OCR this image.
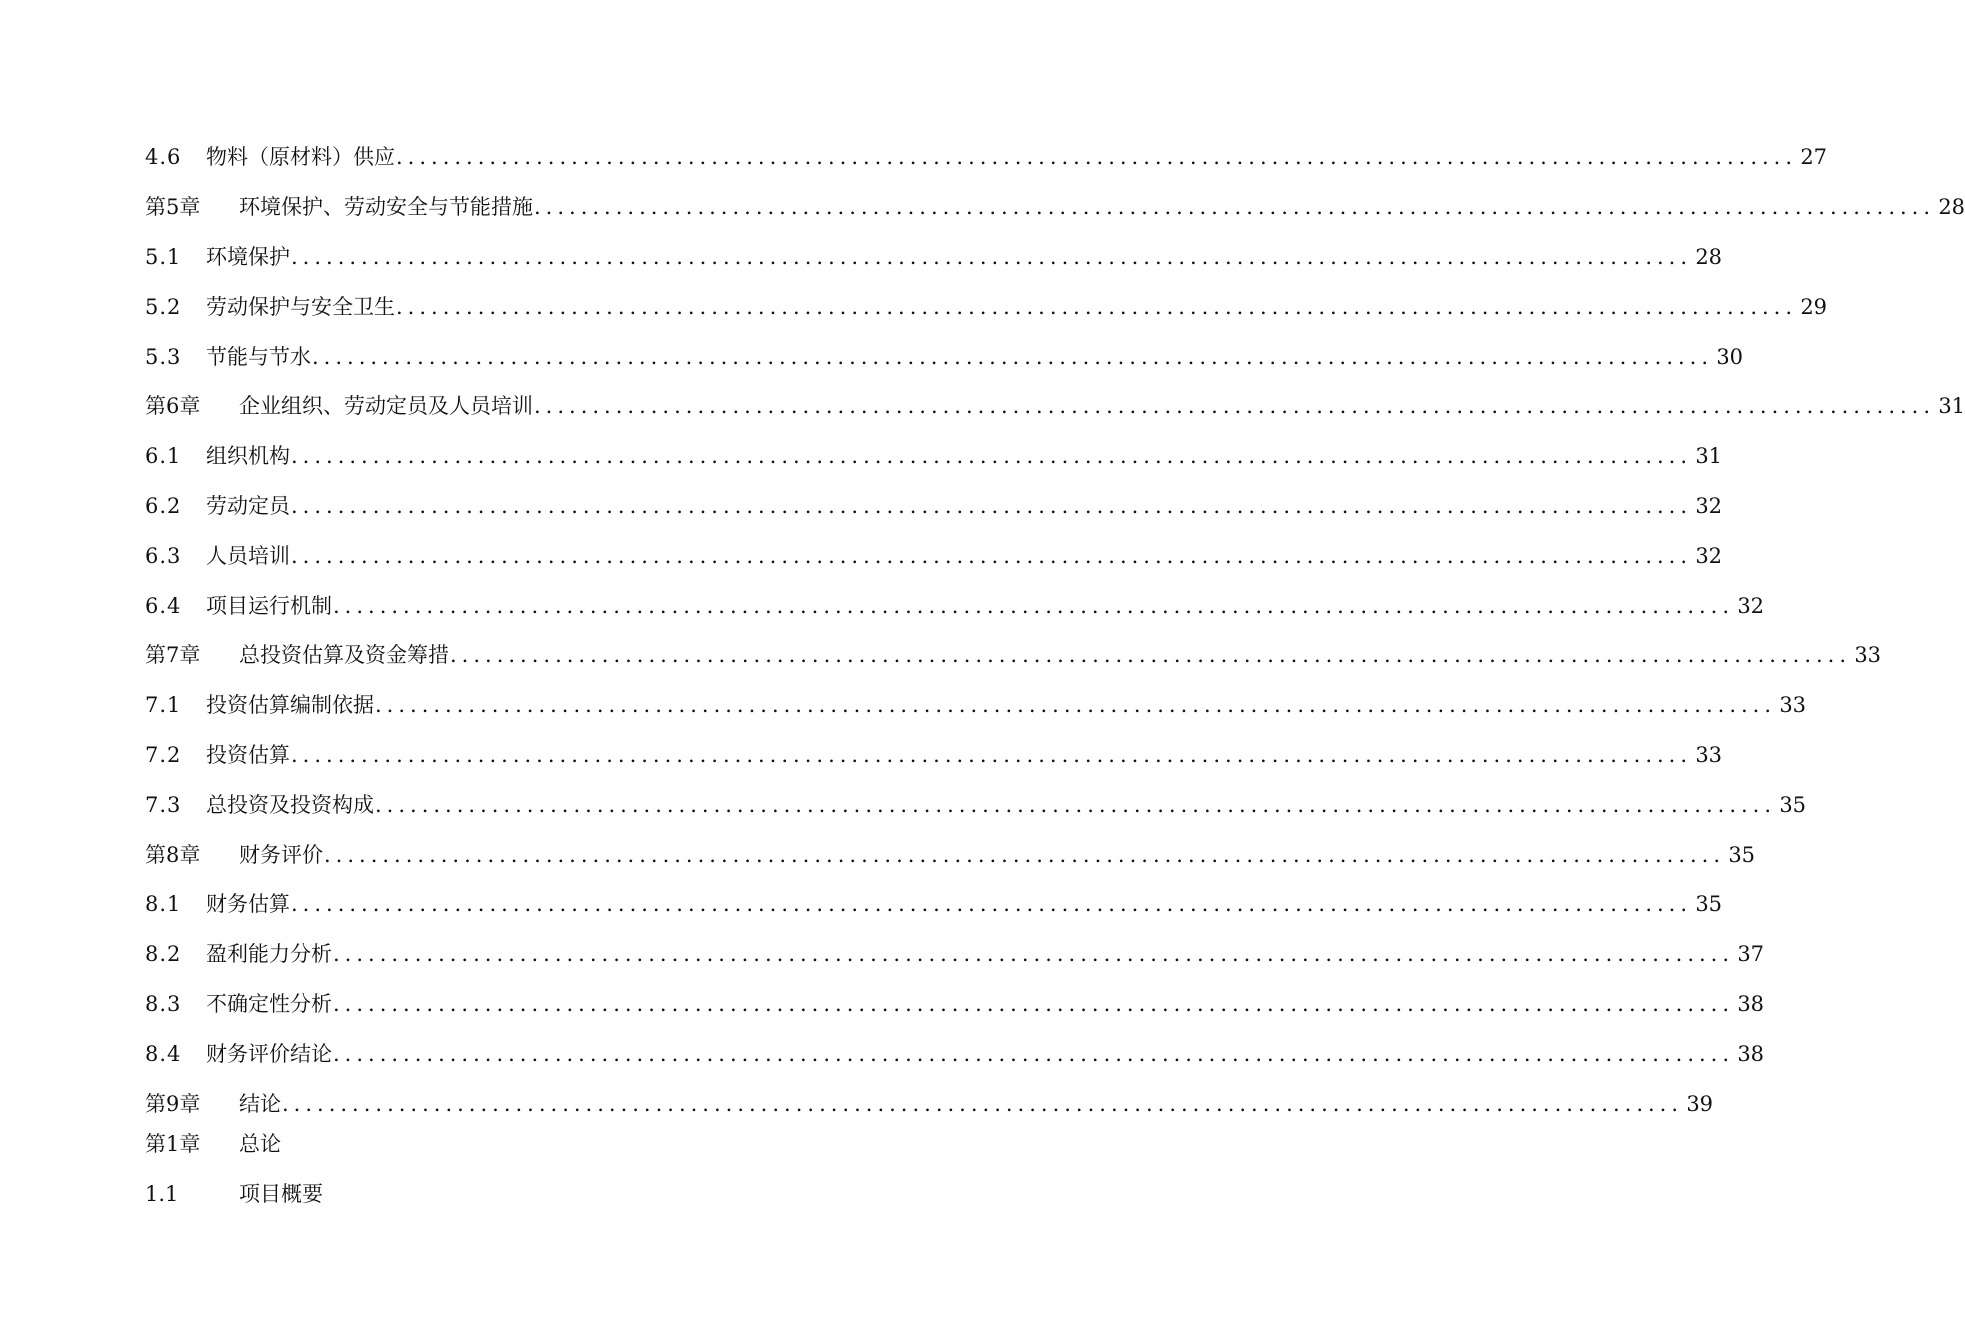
4.6	物料（原材料）供应 ........................................................................................................................ 27
第5章	环境保护、劳动安全与节能措施 ........................................................................................................................ 28
5.1	环境保护 ........................................................................................................................ 28
5.2	劳动保护与安全卫生 ........................................................................................................................ 29
5.3	节能与节水 ........................................................................................................................ 30
第6章	企业组织、劳动定员及人员培训 ........................................................................................................................ 31
6.1	组织机构 ........................................................................................................................ 31
6.2	劳动定员 ........................................................................................................................ 32
6.3	人员培训 ........................................................................................................................ 32
6.4	项目运行机制 ........................................................................................................................ 32
第7章	总投资估算及资金筹措 ........................................................................................................................ 33
7.1	投资估算编制依据 ........................................................................................................................ 33
7.2	投资估算 ........................................................................................................................ 33
7.3	总投资及投资构成 ........................................................................................................................ 35
第8章	财务评价 ........................................................................................................................ 35
8.1	财务估算 ........................................................................................................................ 35
8.2	盈利能力分析 ........................................................................................................................ 37
8.3	不确定性分析 ........................................................................................................................ 38
8.4	财务评价结论 ........................................................................................................................ 38
第9章	结论 ........................................................................................................................ 39
第1章	总论
1.1	项目概要
